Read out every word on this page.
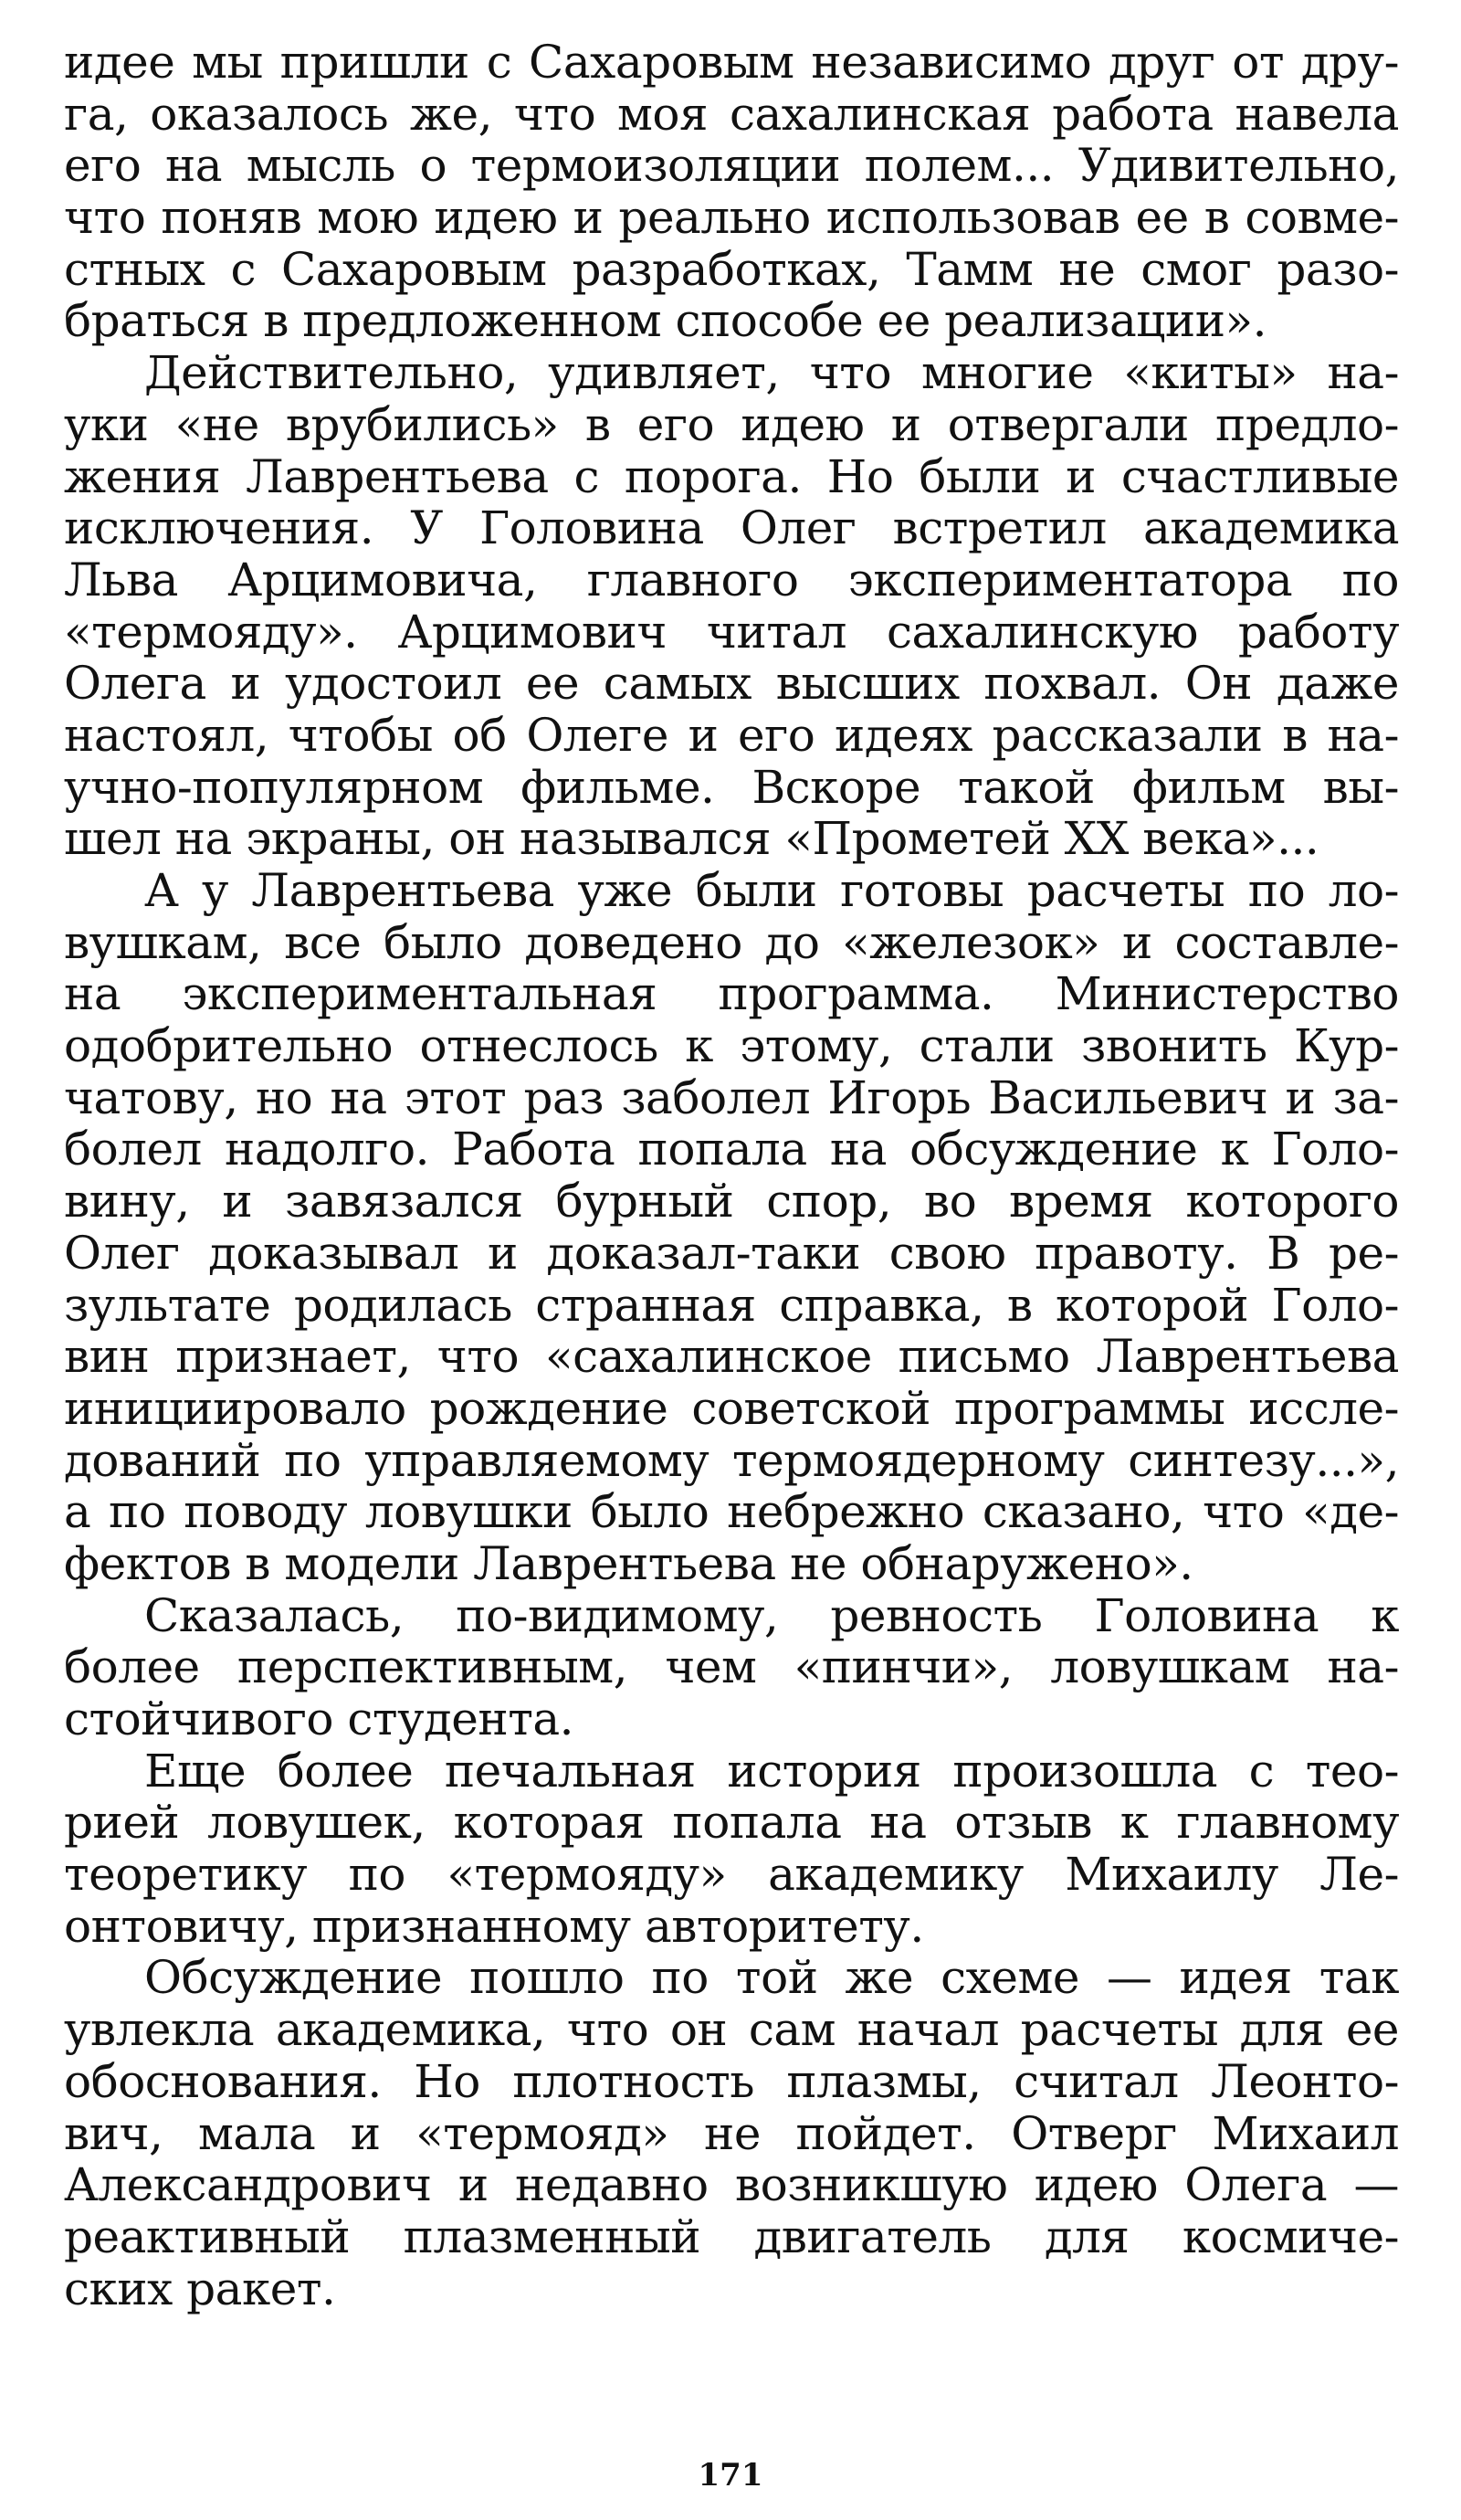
идее мы пришли с Сахаровым независимо друг от дру-
га, оказалось же, что моя сахалинская работа навела
его на мысль о термоизоляции полем... Удивительно,
что поняв мою идею и реально использовав ее в совме-
стных с Сахаровым разработках, Тамм не смог разо-
браться в предложенном способе ее реализации».
Действительно, удивляет, что многие «киты» на-
уки «не врубились» в его идею и отвергали предло-
жения Лаврентьева с порога. Но были и счастливые
исключения. У Головина Олег встретил академика
Льва Арцимовича, главного экспериментатора по
«термояду». Арцимович читал сахалинскую работу
Олега и удостоил ее самых высших похвал. Он даже
настоял, чтобы об Олеге и его идеях рассказали в на-
учно-популярном фильме. Вскоре такой фильм вы-
шел на экраны, он назывался «Прометей XX века»...
А у Лаврентьева уже были готовы расчеты по ло-
вушкам, все было доведено до «железок» и составле-
на экспериментальная программа. Министерство
одобрительно отнеслось к этому, стали звонить Кур-
чатову, но на этот раз заболел Игорь Васильевич и за-
болел надолго. Работа попала на обсуждение к Голо-
вину, и завязался бурный спор, во время которого
Олег доказывал и доказал-таки свою правоту. В ре-
зультате родилась странная справка, в которой Голо-
вин признает, что «сахалинское письмо Лаврентьева
инициировало рождение советской программы иссле-
дований по управляемому термоядерному синтезу...»,
а по поводу ловушки было небрежно сказано, что «де-
фектов в модели Лаврентьева не обнаружено».
Сказалась, по-видимому, ревность Головина к
более перспективным, чем «пинчи», ловушкам на-
стойчивого студента.
Еще более печальная история произошла с тео-
рией ловушек, которая попала на отзыв к главному
теоретику по «термояду» академику Михаилу Ле-
онтовичу, признанному авторитету.
Обсуждение пошло по той же схеме — идея так
увлекла академика, что он сам начал расчеты для ее
обоснования. Но плотность плазмы, считал Леонто-
вич, мала и «термояд» не пойдет. Отверг Михаил
Александрович и недавно возникшую идею Олега —
реактивный плазменный двигатель для космиче-
ских ракет.
171
